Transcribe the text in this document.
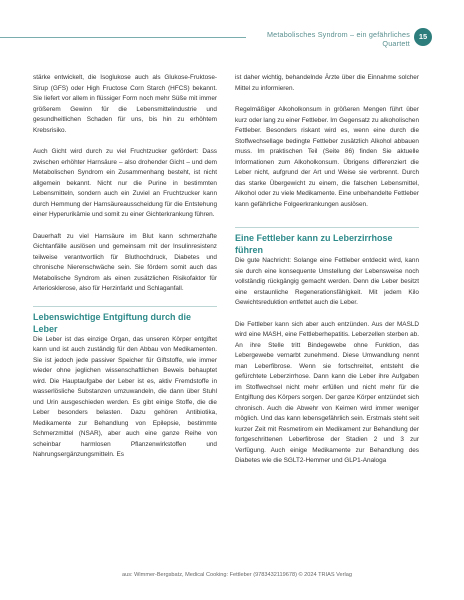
Metabolisches Syndrom – ein gefährliches Quartett
15

stärke entwickelt, die Isoglukose auch als Glukose-Fruktose-Sirup (GFS) oder High Fructose Corn Starch (HFCS) bekannt. Sie liefert vor allem in flüssiger Form noch mehr Süße mit immer größerem Gewinn für die Lebensmittelindustrie und gesundheitlichen Schaden für uns, bis hin zu erhöhtem Krebsrisiko.

Auch Gicht wird durch zu viel Fruchtzucker gefördert: Dass zwischen erhöhter Harnsäure – also drohender Gicht – und dem Metabolischen Syndrom ein Zusammenhang besteht, ist nicht allgemein bekannt. Nicht nur die Purine in bestimmten Lebensmitteln, sondern auch ein Zuviel an Fruchtzucker kann durch Hemmung der Harnsäureausscheidung für die Entstehung einer Hyperurikämie und somit zu einer Gichterkrankung führen.

Dauerhaft zu viel Harnsäure im Blut kann schmerzhafte Gichtanfälle auslösen und gemeinsam mit der Insulinresistenz teilweise verantwortlich für Bluthochdruck, Diabetes und chronische Nierenschwäche sein. Sie fördern somit auch das Metabolische Syndrom als einen zusätzlichen Risikofaktor für Arteriosklerose, also für Herzinfarkt und Schlaganfall.

Lebenswichtige Entgiftung durch die Leber

Die Leber ist das einzige Organ, das unseren Körper entgiftet kann und ist auch zuständig für den Abbau von Medikamenten. Sie ist jedoch jede passiver Speicher für Giftstoffe, wie immer wieder ohne jeglichen wissenschaftlichen Beweis behauptet wird. Die Hauptaufgabe der Leber ist es, aktiv Fremdstoffe in wasserlösliche Substanzen umzuwandeln, die dann über Stuhl und Urin ausgeschieden werden. Es gibt einige Stoffe, die die Leber besonders belasten. Dazu gehören Antibiotika, Medikamente zur Behandlung von Epilepsie, bestimmte Schmerzmittel (NSAR), aber auch eine ganze Reihe von scheinbar harmlosen Pflanzenwirkstoffen und Nahrungsergänzungsmitteln. Es

ist daher wichtig, behandelnde Ärzte über die Einnahme solcher Mittel zu informieren.

Regelmäßiger Alkoholkonsum in größeren Mengen führt über kurz oder lang zu einer Fettleber. Im Gegensatz zu alkoholischen Fettleber. Besonders riskant wird es, wenn eine durch die Stoffwechsellage bedingte Fettleber zusätzlich Alkohol abbauen muss. Im praktischen Teil (Seite 86) finden Sie aktuelle Informationen zum Alkoholkonsum. Übrigens differenziert die Leber nicht, aufgrund der Art und Weise sie verbrennt. Durch das starke Übergewicht zu einem, die falschen Lebensmittel, Alkohol oder zu viele Medikamente. Eine unbehandelte Fettleber kann gefährliche Folgeerkrankungen auslösen.

Eine Fettleber kann zu Leberzirrhose führen

Die gute Nachricht: Solange eine Fettleber entdeckt wird, kann sie durch eine konsequente Umstellung der Lebensweise noch vollständig rückgängig gemacht werden. Denn die Leber besitzt eine erstaunliche Regenerationsfähigkeit. Mit jedem Kilo Gewichtsreduktion entfettet auch die Leber.

Die Fettleber kann sich aber auch entzünden. Aus der MASLD wird eine MASH, eine Fettleberhepatitis. Leberzellen sterben ab. An ihre Stelle tritt Bindegewebe ohne Funktion, das Lebergewebe vernarbt zunehmend. Diese Umwandlung nennt man Leberfibrose. Wenn sie fortschreitet, entsteht die gefürchtete Leberzirrhose. Dann kann die Leber ihre Aufgaben im Stoffwechsel nicht mehr erfüllen und nicht mehr für die Entgiftung des Körpers sorgen. Der ganze Körper entzündet sich chronisch. Auch die Abwehr von Keimen wird immer weniger möglich. Und das kann lebensgefährlich sein. Erstmals steht seit kurzer Zeit mit Resmetirom ein Medikament zur Behandlung der fortgeschrittenen Leberfibrose der Stadien 2 und 3 zur Verfügung. Auch einige Medikamente zur Behandlung des Diabetes wie die SGLT2-Hemmer und GLP1-Analoga

aus: Wimmer-Bergsbatz, Medical Cooking: Fettleber (9783432119678) © 2024 TRIAS Verlag
